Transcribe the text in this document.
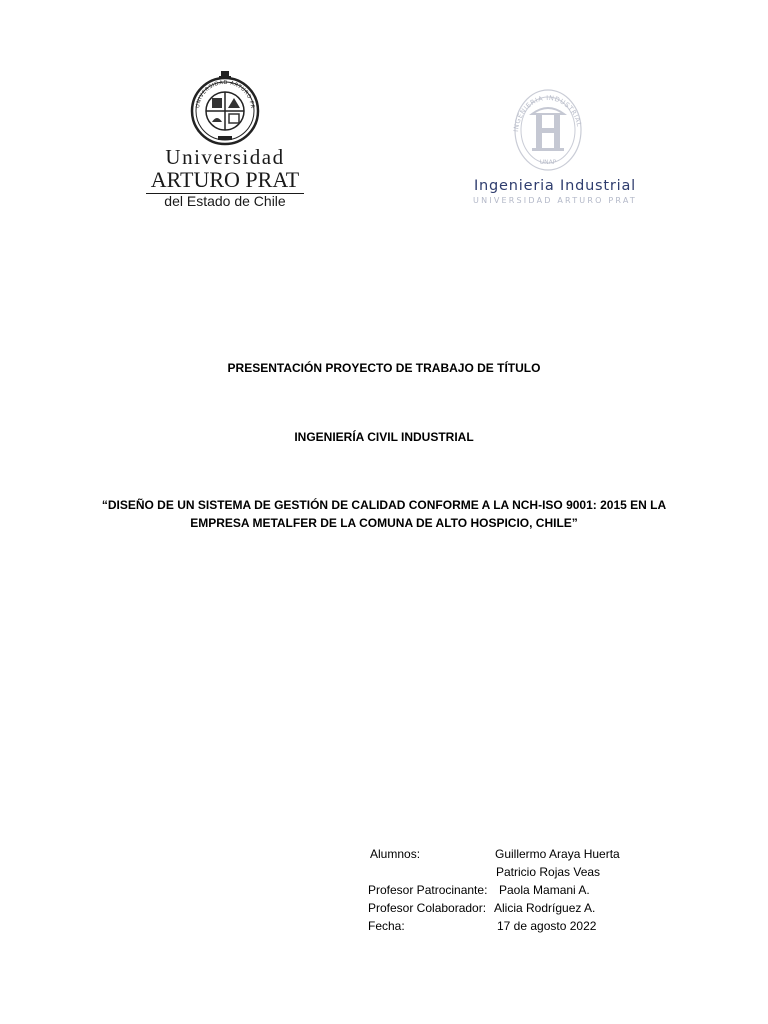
UNIVERSIDAD ARTURO PR
Universidad
ARTURO PRAT
del Estado de Chile
INGENIERIA INDUSTRIAL
UNAP
Ingenieria Industrial
UNIVERSIDAD ARTURO PRAT
PRESENTACIÓN PROYECTO DE TRABAJO DE TÍTULO
INGENIERÍA CIVIL INDUSTRIAL
“DISEÑO DE UN SISTEMA DE GESTIÓN DE CALIDAD CONFORME A LA NCH-ISO 9001: 2015 EN LA
EMPRESA METALFER DE LA COMUNA DE ALTO HOSPICIO, CHILE”
Alumnos:	Guillermo Araya Huerta
Patricio Rojas Veas
Profesor Patrocinante: Paola Mamani A.
Profesor Colaborador: Alicia Rodríguez A.
Fecha:	17 de agosto 2022
